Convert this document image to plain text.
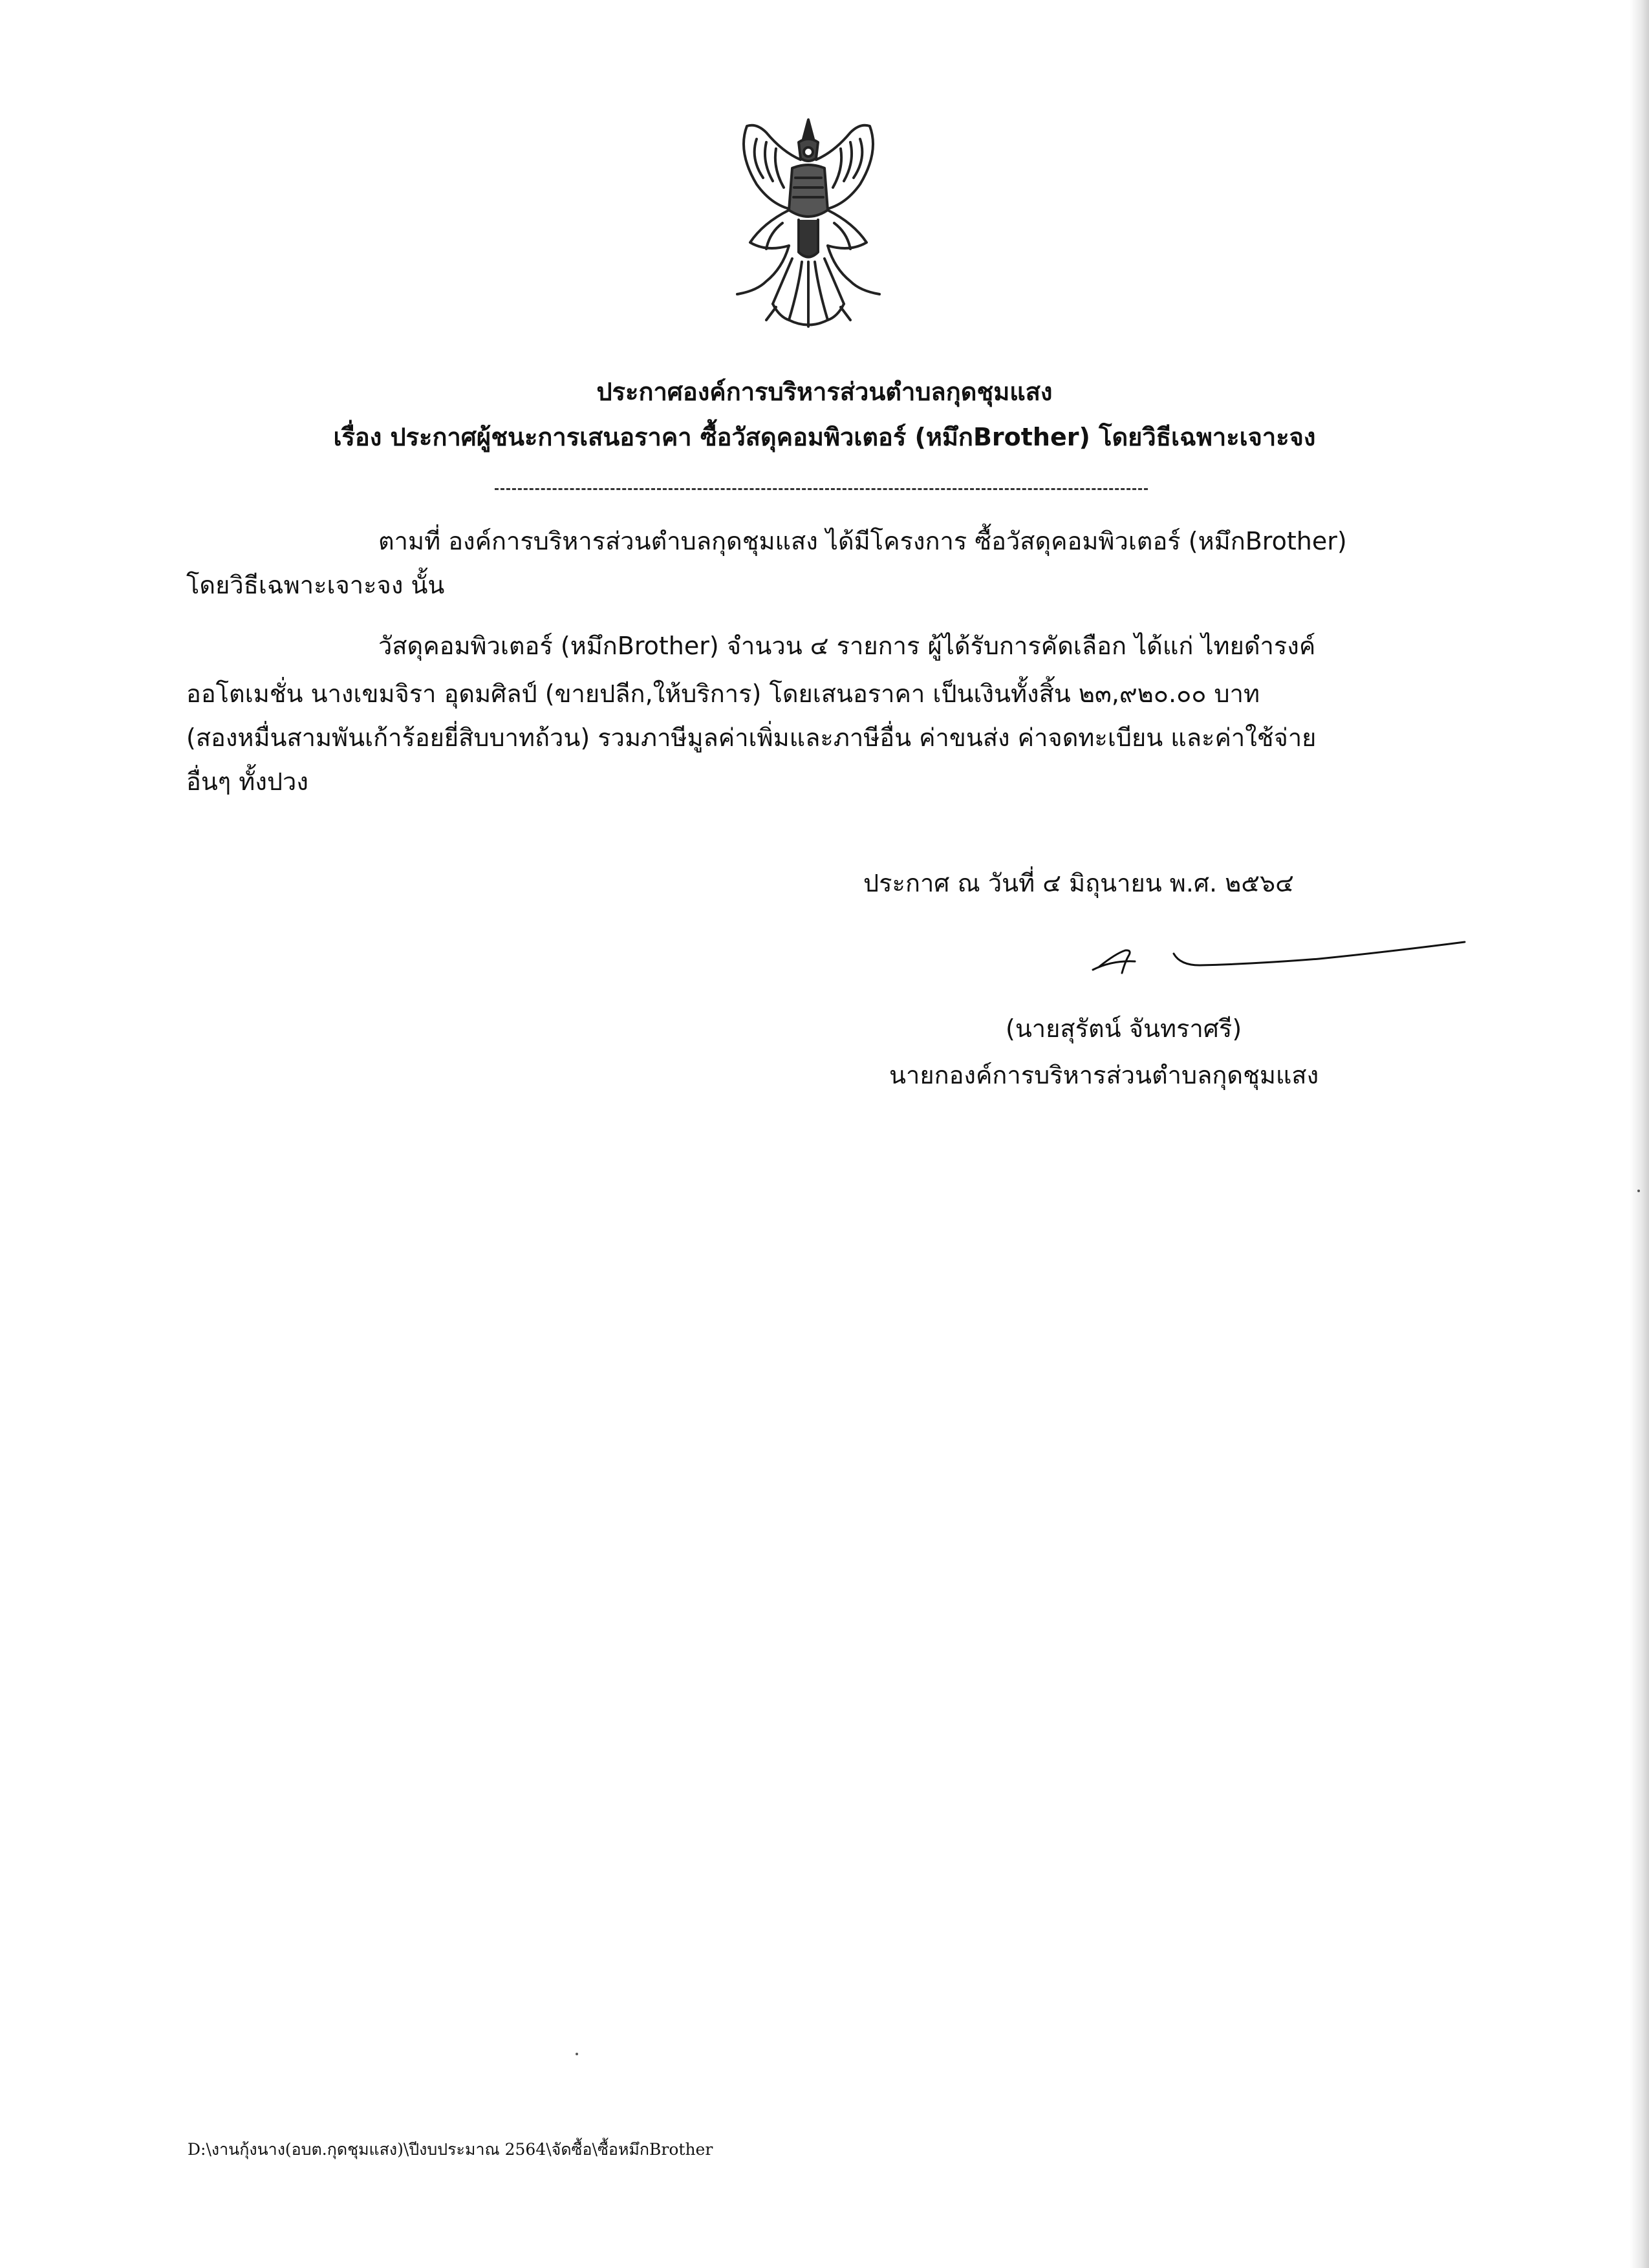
ประกาศองค์การบริหารส่วนตำบลกุดชุมแสง
เรื่อง ประกาศผู้ชนะการเสนอราคา ซื้อวัสดุคอมพิวเตอร์ (หมึกBrother) โดยวิธีเฉพาะเจาะจง
ตามที่ องค์การบริหารส่วนตำบลกุดชุมแสง ได้มีโครงการ ซื้อวัสดุคอมพิวเตอร์ (หมึกBrother)
โดยวิธีเฉพาะเจาะจง นั้น
วัสดุคอมพิวเตอร์ (หมึกBrother) จำนวน ๔ รายการ ผู้ได้รับการคัดเลือก ได้แก่ ไทยดำรงค์
ออโตเมชั่น นางเขมจิรา อุดมศิลป์ (ขายปลีก,ให้บริการ) โดยเสนอราคา เป็นเงินทั้งสิ้น ๒๓,๙๒๐.๐๐ บาท
(สองหมื่นสามพันเก้าร้อยยี่สิบบาทถ้วน) รวมภาษีมูลค่าเพิ่มและภาษีอื่น ค่าขนส่ง ค่าจดทะเบียน และค่าใช้จ่าย
อื่นๆ ทั้งปวง
ประกาศ ณ วันที่ ๔ มิถุนายน พ.ศ. ๒๕๖๔
(นายสุรัตน์ จันทราศรี)
นายกองค์การบริหารส่วนตำบลกุดชุมแสง
D:\งานกุ้งนาง(อบต.กุดชุมแสง)\ปีงบประมาณ 2564\จัดซื้อ\ซื้อหมึกBrother
